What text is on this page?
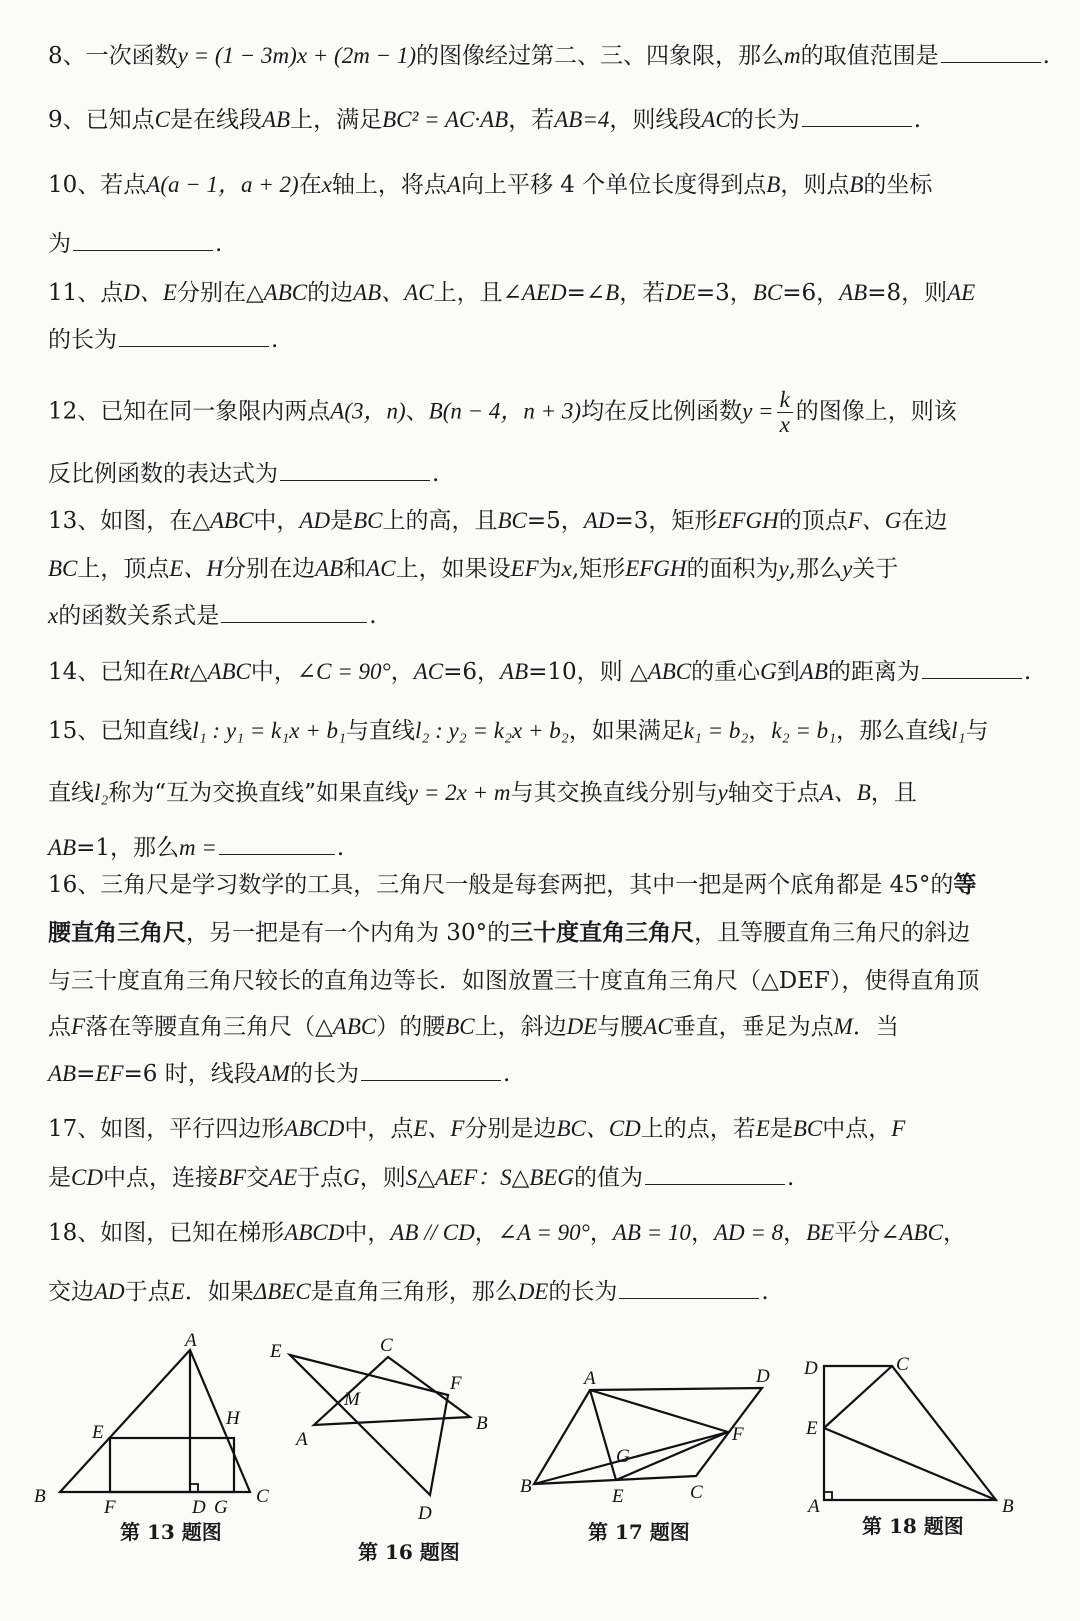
8、一次函数y = (1 − 3m)x + (2m − 1)的图像经过第二、三、四象限，那么m的取值范围是	.
9、已知点C是在线段AB上，满足BC² = AC·AB，若AB=4，则线段AC的长为	.
10、若点A(a − 1，a + 2)在x轴上，将点A向上平移 4 个单位长度得到点B，则点B的坐标
为	.
11、点D、E分别在△ABC的边AB、AC上，且∠AED=∠B，若DE=3，BC=6，AB=8，则AE
的长为	.
12、已知在同一象限内两点A(3，n)、B(n − 4，n + 3)均在反比例函数$y = \frac{k}{x}$ 的图像上，则该
反比例函数的表达式为	.
13、如图，在△ABC中，AD是BC上的高，且BC=5，AD=3，矩形EFGH的顶点F、G在边
BC上，顶点E、H分别在边AB和AC上，如果设EF为x,矩形EFGH的面积为y,那么y关于
x的函数关系式是	.
14、已知在Rt△ABC中，∠C = 90°，AC=6，AB=10，则 △ABC的重心G到AB的距离为	.
15、已知直线l₁ : y₁ = k₁x + b₁与直线l₂ : y₂ = k₂x + b₂，如果满足k₁ = b₂，k₂ = b₁，那么直线l₁与
直线l₂称为“互为交换直线”如果直线y = 2x + m与其交换直线分别与y轴交于点A、B，且
AB=1，那么m =	.
16、三角尺是学习数学的工具，三角尺一般是每套两把，其中一把是两个底角都是 45°的等
腰直角三角尺，另一把是有一个内角为 30°的三十度直角三角尺，且等腰直角三角尺的斜边
与三十度直角三角尺较长的直角边等长．如图放置三十度直角三角尺（△DEF），使得直角顶
点F落在等腰直角三角尺（△ABC）的腰BC上，斜边DE与腰AC垂直，垂足为点M．当
AB=EF=6 时，线段AM的长为	.
17、如图，平行四边形ABCD中，点E、F分别是边BC、CD上的点，若E是BC中点，F
是CD中点，连接BF交AE于点G，则S△AEF：S△BEG的值为	.
18、如图，已知在梯形ABCD中，AB // CD，∠A = 90°，AB = 10，AD = 8，BE平分∠ABC，
交边AD于点E．如果ΔBEC是直角三角形，那么DE的长为	.
A
B	C
D
E
F	G
H
第 13 题图
C
E
F
M
B
A
D
第 16 题图
A	D
F
G
B	E	C
第 17 题图
D	C
E
A	B
第 18 题图
